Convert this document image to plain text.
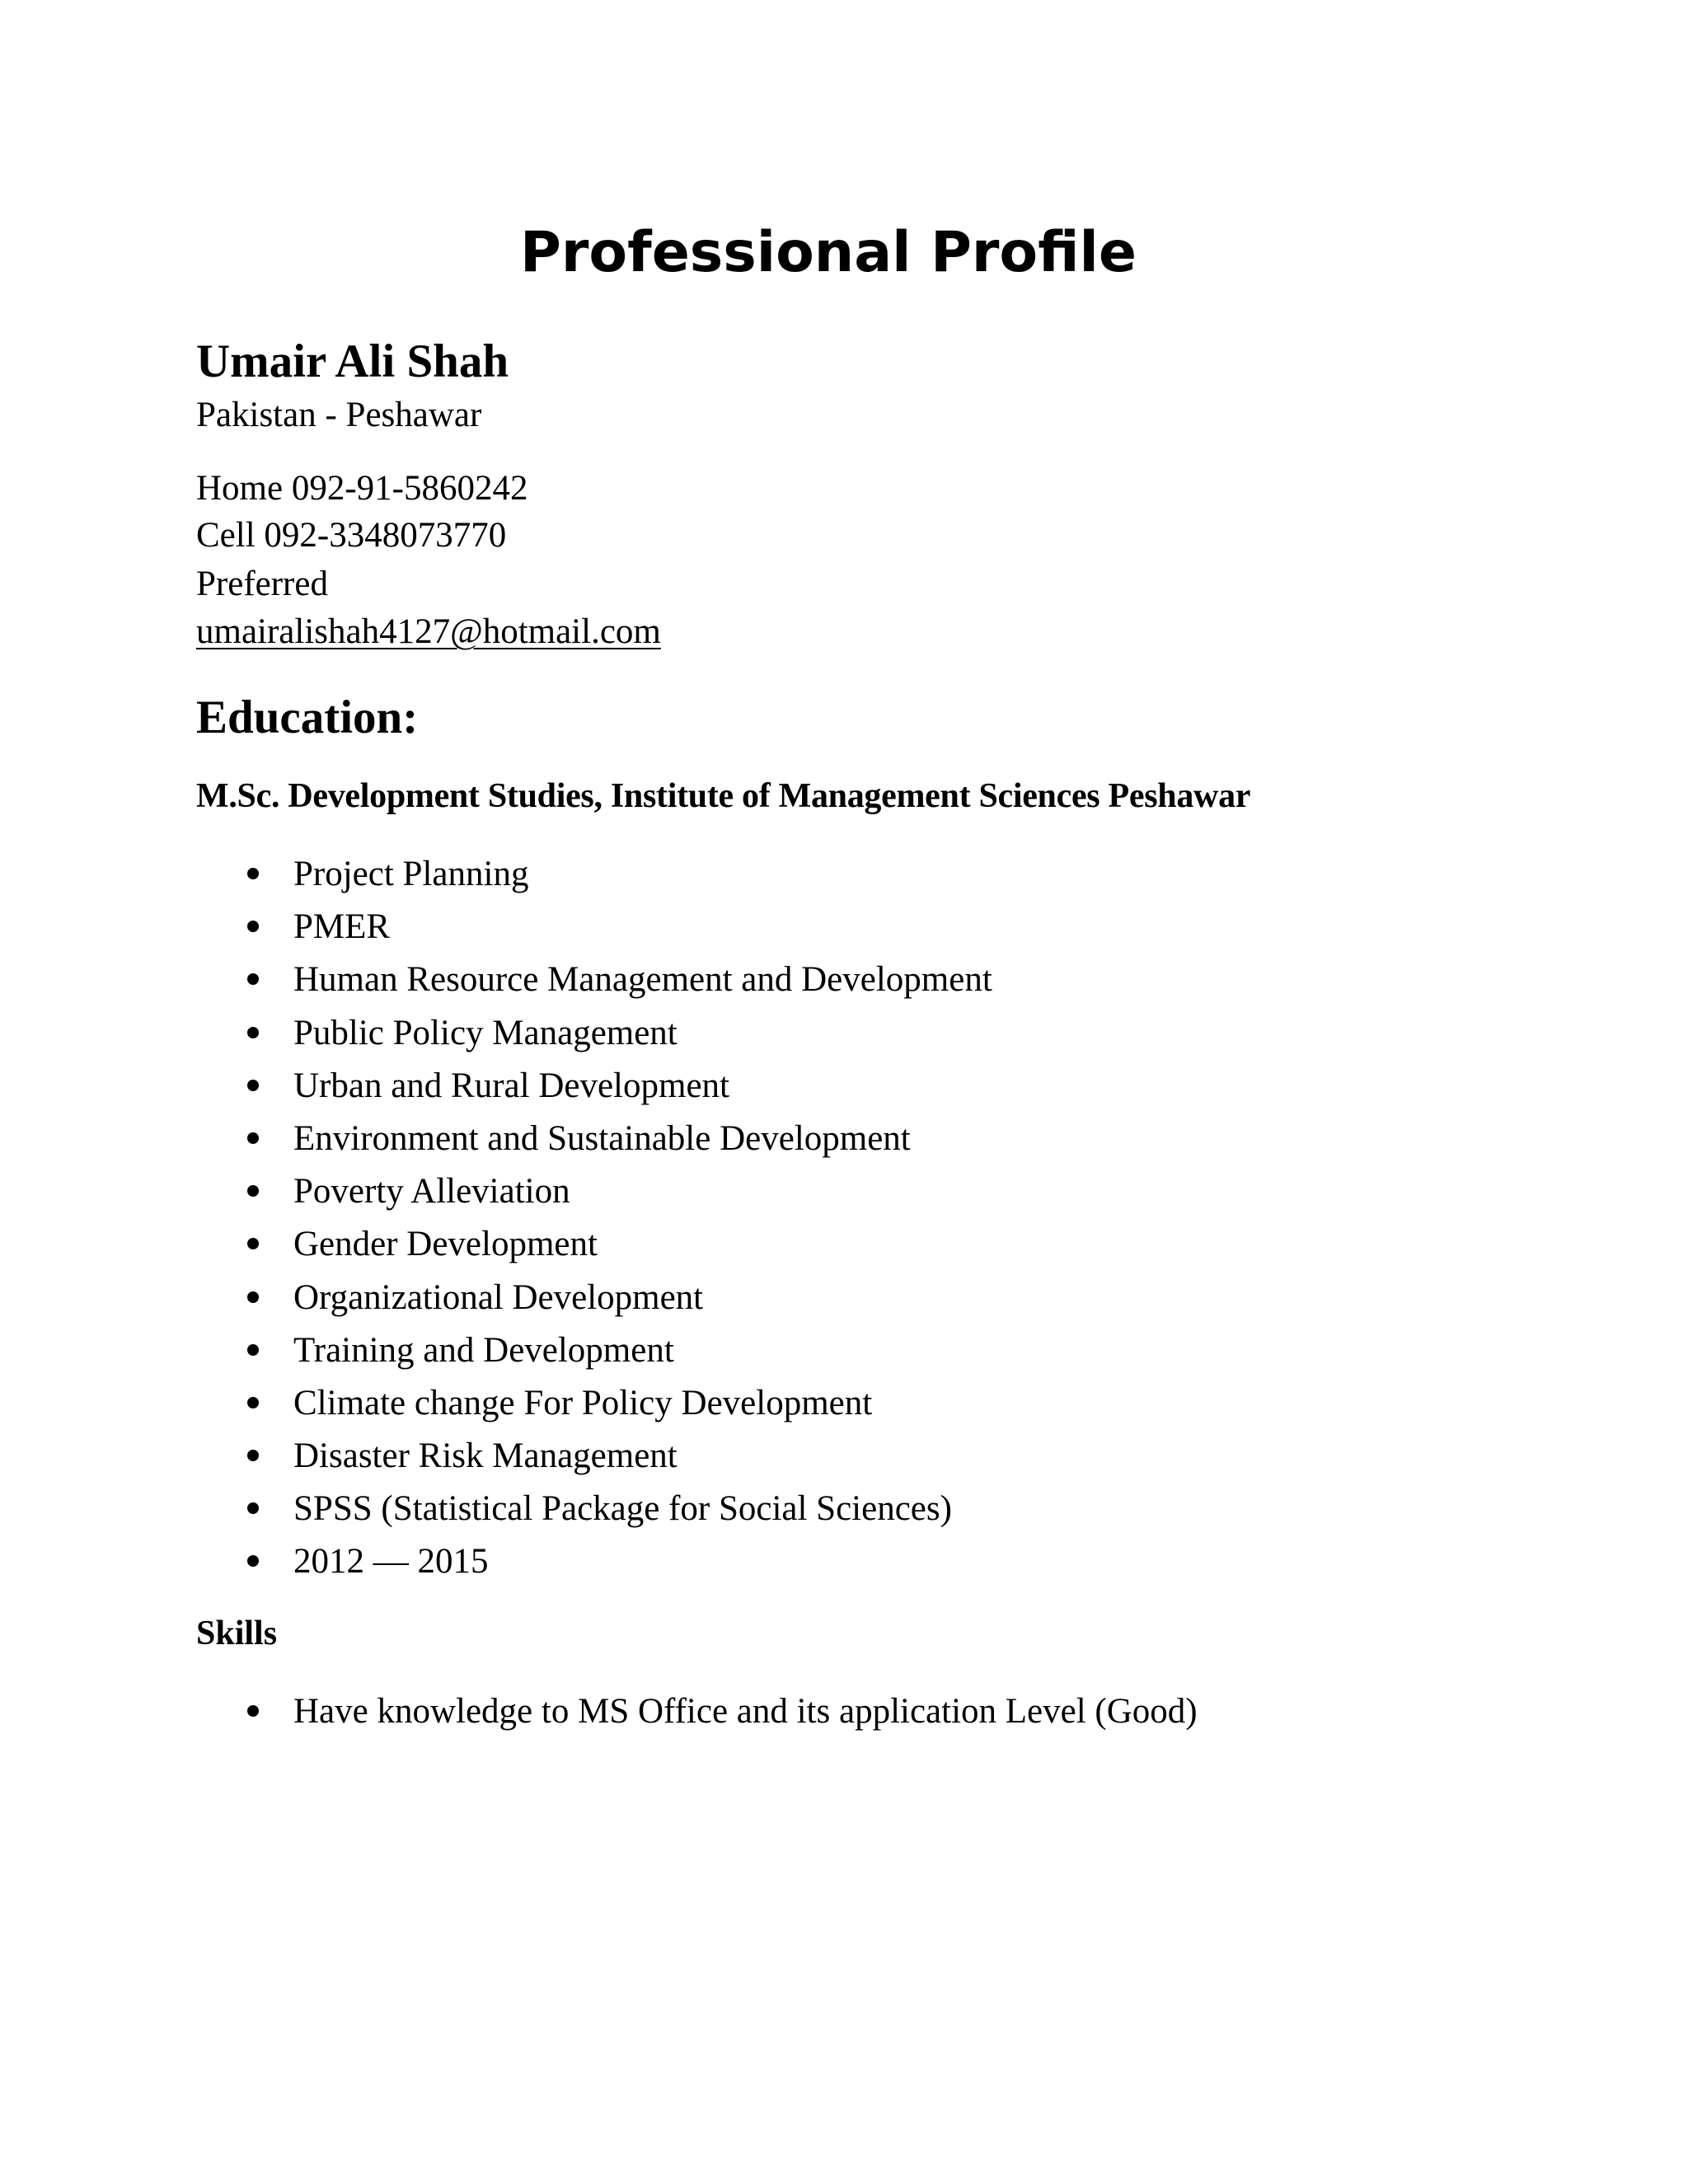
Professional Profile
Umair Ali Shah
Pakistan - Peshawar
Home 092-91-5860242
Cell 092-3348073770
Preferred
umairalishah4127@hotmail.com
Education:
M.Sc. Development Studies, Institute of Management Sciences Peshawar
Project Planning
PMER
Human Resource Management and Development
Public Policy Management
Urban and Rural Development
Environment and Sustainable Development
Poverty Alleviation
Gender Development
Organizational Development
Training and Development
Climate change For Policy Development
Disaster Risk Management
SPSS (Statistical Package for Social Sciences)
2012 — 2015
Skills
Have knowledge to MS Office and its application Level (Good)
